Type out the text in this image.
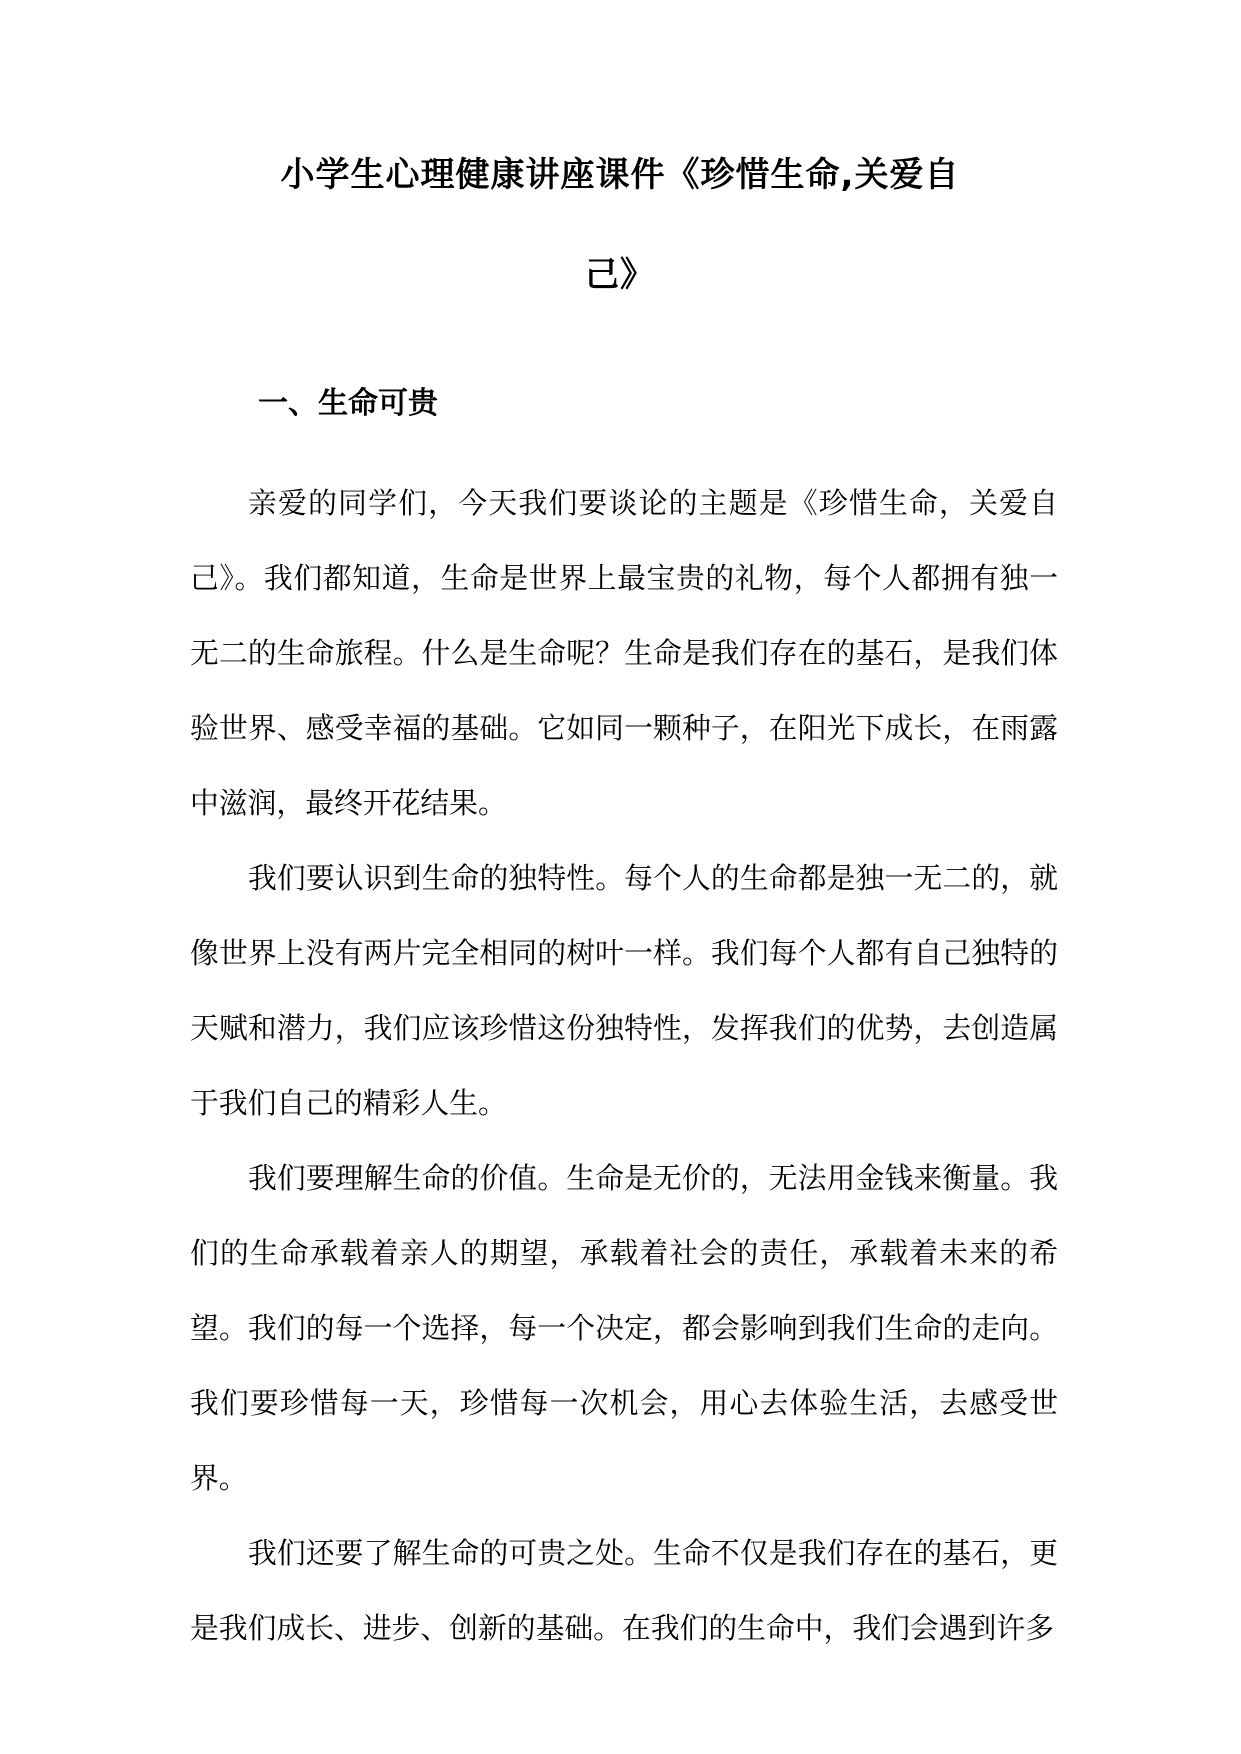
小学生心理健康讲座课件《珍惜生命,关爱自
己》
一、生命可贵

亲爱的同学们，今天我们要谈论的主题是《珍惜生命，关爱自己》。我们都知道，生命是世界上最宝贵的礼物，每个人都拥有独一无二的生命旅程。什么是生命呢？生命是我们存在的基石，是我们体验世界、感受幸福的基础。它如同一颗种子，在阳光下成长，在雨露中滋润，最终开花结果。

我们要认识到生命的独特性。每个人的生命都是独一无二的，就像世界上没有两片完全相同的树叶一样。我们每个人都有自己独特的天赋和潜力，我们应该珍惜这份独特性，发挥我们的优势，去创造属于我们自己的精彩人生。

我们要理解生命的价值。生命是无价的，无法用金钱来衡量。我们的生命承载着亲人的期望，承载着社会的责任，承载着未来的希望。我们的每一个选择，每一个决定，都会影响到我们生命的走向。我们要珍惜每一天，珍惜每一次机会，用心去体验生活，去感受世界。

我们还要了解生命的可贵之处。生命不仅是我们存在的基石，更是我们成长、进步、创新的基础。在我们的生命中，我们会遇到许多
